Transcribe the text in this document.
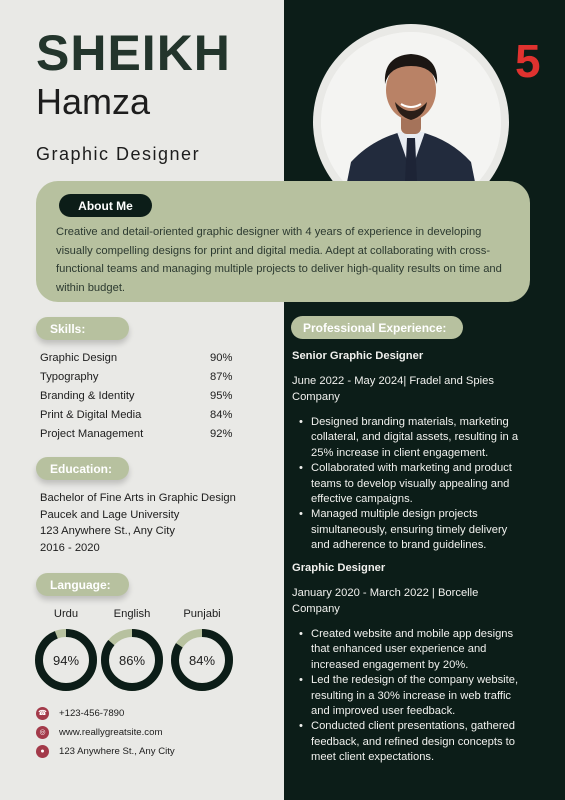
SHEIKH
Hamza
Graphic Designer
5
About Me
Creative and detail-oriented graphic designer with 4 years of experience in developing visually compelling designs for print and digital media. Adept at collaborating with cross-functional teams and managing multiple projects to deliver high-quality results on time and within budget.
Skills:
Graphic Design	90%
Typography	87%
Branding & Identity	95%
Print & Digital Media	84%
Project Management	92%
Education:
Bachelor of Fine Arts in Graphic Design
Paucek and Lage University
123 Anywhere St., Any City
2016 - 2020
Language:
Urdu
94%
English
86%
Punjabi
84%
☎ +123-456-7890
◎	www.reallygreatsite.com
●	123 Anywhere St., Any City
Professional Experience:
Senior Graphic Designer
June 2022 - May 2024| Fradel and Spies Company
• Designed branding materials, marketing collateral, and digital assets, resulting in a 25% increase in client engagement.
• Collaborated with marketing and product teams to develop visually appealing and effective campaigns.
• Managed multiple design projects simultaneously, ensuring timely delivery and adherence to brand guidelines.
Graphic Designer
January 2020 - March 2022 | Borcelle Company
• Created website and mobile app designs that enhanced user experience and increased engagement by 20%.
• Led the redesign of the company website, resulting in a 30% increase in web traffic and improved user feedback.
• Conducted client presentations, gathered feedback, and refined design concepts to meet client expectations.
